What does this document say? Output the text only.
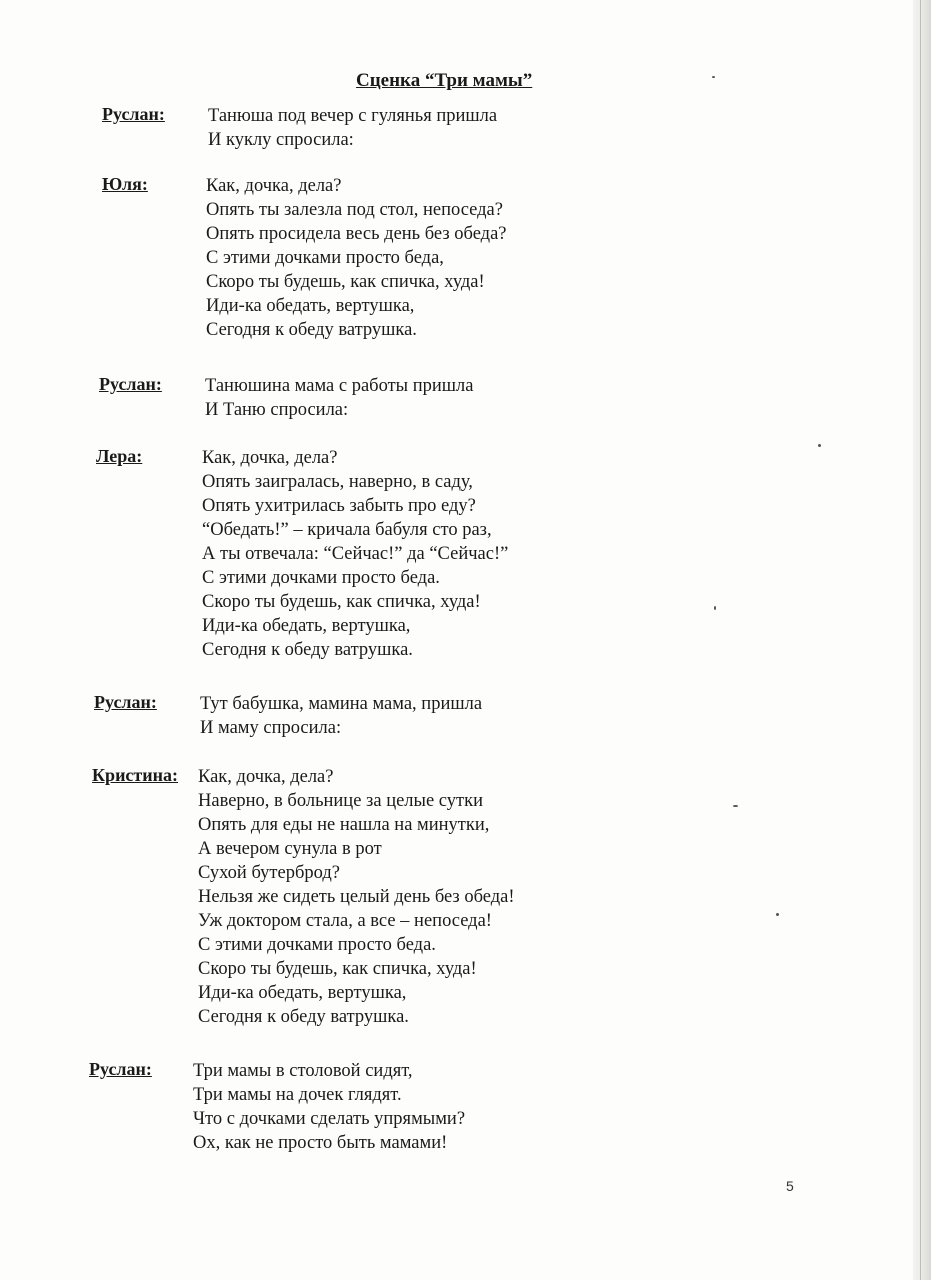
Сценка “Три мамы”
Руслан: Танюша под вечер с гулянья пришла
И куклу спросила:
Юля:	Как, дочка, дела?
Опять ты залезла под стол, непоседа?
Опять просидела весь день без обеда?
С этими дочками просто беда,
Скоро ты будешь, как спичка, худа!
Иди-ка обедать, вертушка,
Сегодня к обеду ватрушка.
Руслан: Танюшина мама с работы пришла
И Таню спросила:
Лера:	Как, дочка, дела?
Опять заигралась, наверно, в саду,
Опять ухитрилась забыть про еду?
“Обедать!” – кричала бабуля сто раз,
А ты отвечала: “Сейчас!” да “Сейчас!”
С этими дочками просто беда.
Скоро ты будешь, как спичка, худа!
Иди-ка обедать, вертушка,
Сегодня к обеду ватрушка.
Руслан: Тут бабушка, мамина мама, пришла
И маму спросила:
Кристина: Как, дочка, дела?
Наверно, в больнице за целые сутки
Опять для еды не нашла на минутки,
А вечером сунула в рот
Сухой бутерброд?
Нельзя же сидеть целый день без обеда!
Уж доктором стала, а все – непоседа!
С этими дочками просто беда.
Скоро ты будешь, как спичка, худа!
Иди-ка обедать, вертушка,
Сегодня к обеду ватрушка.
Руслан: Три мамы в столовой сидят,
Три мамы на дочек глядят.
Что с дочками сделать упрямыми?
Ох, как не просто быть мамами!
5
